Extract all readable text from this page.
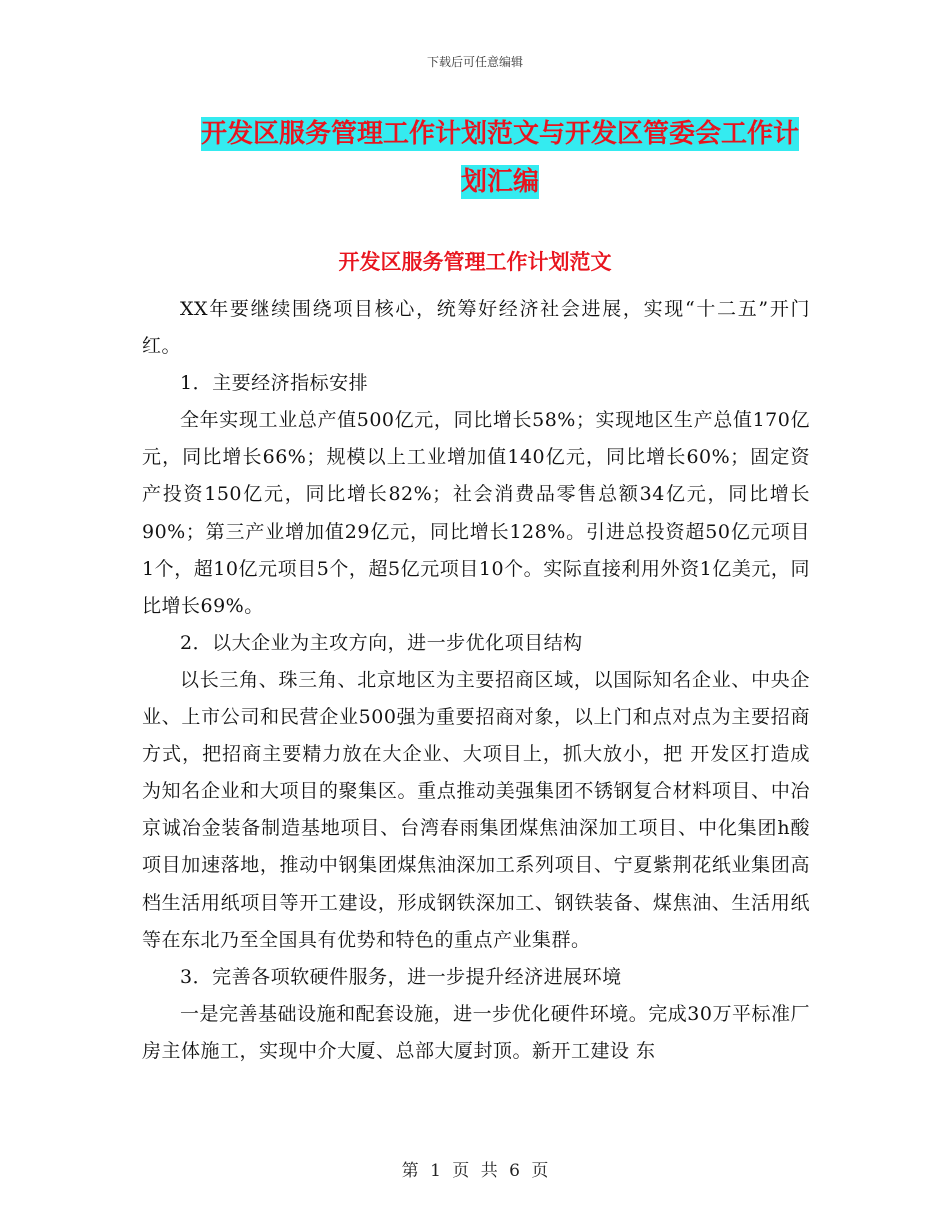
下载后可任意编辑
开发区服务管理工作计划范文与开发区管委会工作计划汇编
开发区服务管理工作计划范文

XX年要继续围绕项目核心，统筹好经济社会进展，实现“十二五”开门红。

1．主要经济指标安排

全年实现工业总产值500亿元，同比增长58%；实现地区生产总值170亿元，同比增长66%；规模以上工业增加值140亿元，同比增长60%；固定资产投资150亿元，同比增长82%；社会消费品零售总额34亿元，同比增长90%；第三产业增加值29亿元，同比增长128%。引进总投资超50亿元项目1个，超10亿元项目5个，超5亿元项目10个。实际直接利用外资1亿美元，同比增长69%。

2．以大企业为主攻方向，进一步优化项目结构

以长三角、珠三角、北京地区为主要招商区域，以国际知名企业、中央企业、上市公司和民营企业500强为重要招商对象，以上门和点对点为主要招商方式，把招商主要精力放在大企业、大项目上，抓大放小，把 开发区打造成为知名企业和大项目的聚集区。重点推动美强集团不锈钢复合材料项目、中冶京诚冶金装备制造基地项目、台湾春雨集团煤焦油深加工项目、中化集团h酸项目加速落地，推动中钢集团煤焦油深加工系列项目、宁夏紫荆花纸业集团高档生活用纸项目等开工建设，形成钢铁深加工、钢铁装备、煤焦油、生活用纸等在东北乃至全国具有优势和特色的重点产业集群。

3．完善各项软硬件服务，进一步提升经济进展环境

一是完善基础设施和配套设施，进一步优化硬件环境。完成30万平标准厂房主体施工，实现中介大厦、总部大厦封顶。新开工建设 东

第 1 页 共 6 页
